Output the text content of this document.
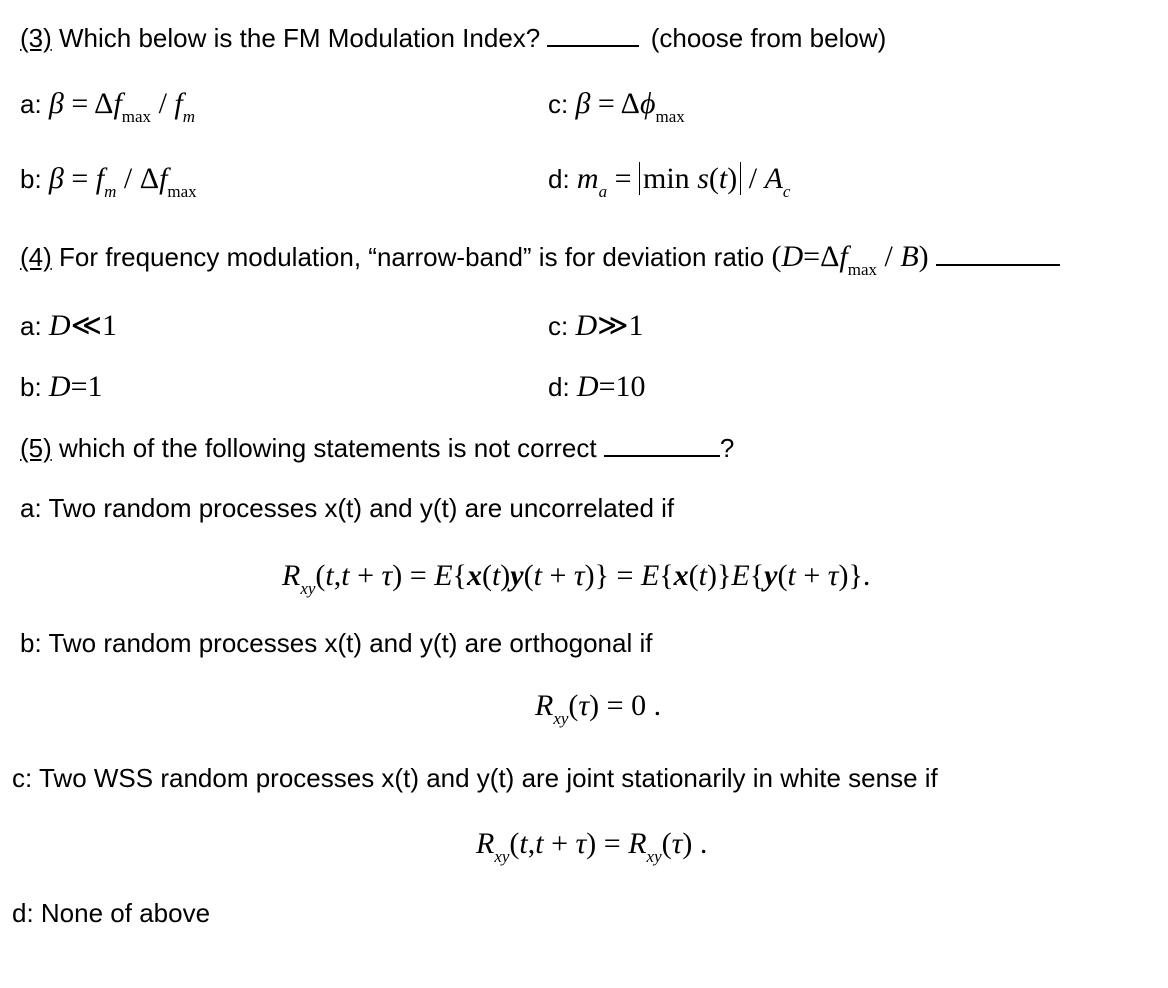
(3) Which below is the FM Modulation Index?	(choose from below)
a: $\beta = \Delta f_{max} / f_m$	c: $\beta = \Delta\phi_{max}$
b: $\beta = f_m / \Delta f_{max}$	d: $m_a = \min s(t) / A_c$
(4) For frequency modulation, “narrow-band” is for deviation ratio $(D=\Delta f_{max} / B)$
a: D≪1	c: D≫1
b: D=1	d: D=10
(5) which of the following statements is not correct	?
a: Two random processes x(t) and y(t) are uncorrelated if
$R_{xy}(t,t + \tau) = E\{x(t)y(t + \tau)\} = E\{x(t)\}E\{y(t + \tau)\}$.
b: Two random processes x(t) and y(t) are orthogonal if
$R_{xy}(\tau) = 0$ .
c: Two WSS random processes x(t) and y(t) are joint stationarily in white sense if
$R_{xy}(t,t + \tau) = R_{xy}(\tau)$ .
d: None of above
